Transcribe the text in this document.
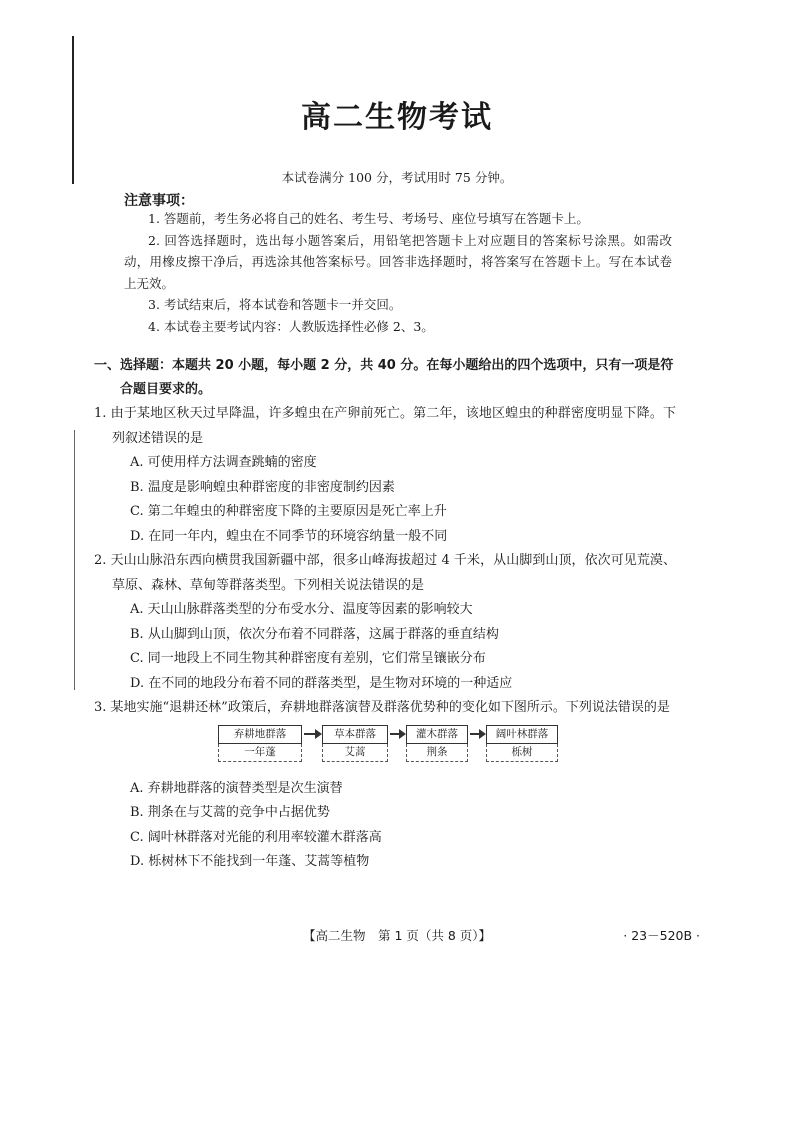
高二生物考试
本试卷满分 100 分，考试用时 75 分钟。
注意事项：
1. 答题前，考生务必将自己的姓名、考生号、考场号、座位号填写在答题卡上。
2. 回答选择题时，选出每小题答案后，用铅笔把答题卡上对应题目的答案标号涂黑。如需改动，用橡皮擦干净后，再选涂其他答案标号。回答非选择题时，将答案写在答题卡上。写在本试卷上无效。
3. 考试结束后，将本试卷和答题卡一并交回。
4. 本试卷主要考试内容：人教版选择性必修 2、3。
一、选择题：本题共 20 小题，每小题 2 分，共 40 分。在每小题给出的四个选项中，只有一项是符
合题目要求的。
1. 由于某地区秋天过早降温，许多蝗虫在产卵前死亡。第二年，该地区蝗虫的种群密度明显下降。下列叙述错误的是
A. 可使用样方法调查跳蝻的密度
B. 温度是影响蝗虫种群密度的非密度制约因素
C. 第二年蝗虫的种群密度下降的主要原因是死亡率上升
D. 在同一年内，蝗虫在不同季节的环境容纳量一般不同
2. 天山山脉沿东西向横贯我国新疆中部，很多山峰海拔超过 4 千米，从山脚到山顶，依次可见荒漠、草原、森林、草甸等群落类型。下列相关说法错误的是
A. 天山山脉群落类型的分布受水分、温度等因素的影响较大
B. 从山脚到山顶，依次分布着不同群落，这属于群落的垂直结构
C. 同一地段上不同生物其种群密度有差别，它们常呈镶嵌分布
D. 在不同的地段分布着不同的群落类型，是生物对环境的一种适应
3. 某地实施“退耕还林”政策后，弃耕地群落演替及群落优势种的变化如下图所示。下列说法错误的是
弃耕地群落
一年蓬
草本群落
艾蒿
灌木群落
荆条
阔叶林群落
栎树
A. 弃耕地群落的演替类型是次生演替
B. 荆条在与艾蒿的竞争中占据优势
C. 阔叶林群落对光能的利用率较灌木群落高
D. 栎树林下不能找到一年蓬、艾蒿等植物
【高二生物　第 1 页（共 8 页）】	· 23－520B ·
